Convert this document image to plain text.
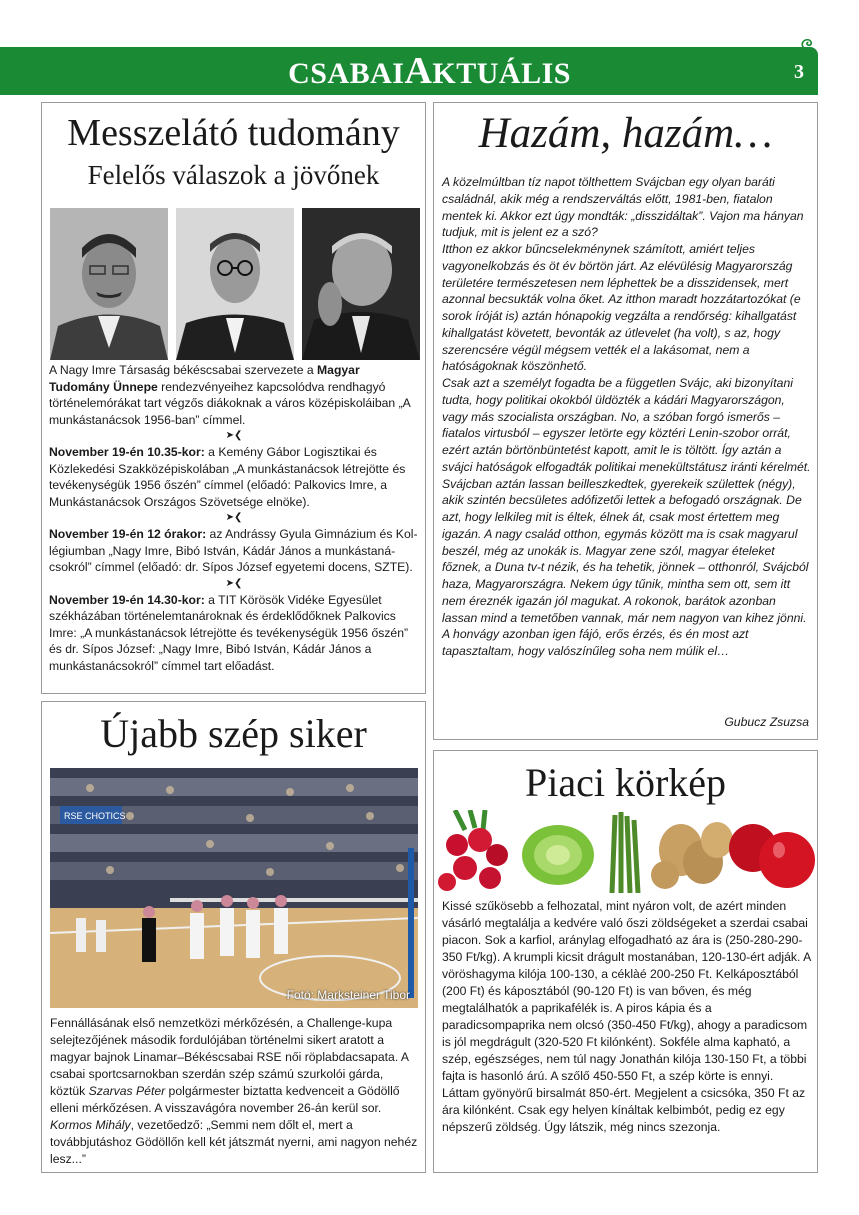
CSABAIAKTUÁLIS	3
Messzelátó tudomány
Felelős válaszok a jövőnek

A Nagy Imre Társaság békéscsabai szervezete a Magyar Tudomány Ünnepe rendezvényeihez kapcsolódva rendhagyó történelemórákat tart végzős diákoknak a város középiskoláiban „A munkástanácsok 1956-ban” címmel.

➤❮

November 19-én 10.35-kor: a Kemény Gábor Logisztikai és Közlekedési Szakközépiskolában „A munkástanácsok létrejötte és tevékenységük 1956 őszén” címmel (előadó: Palkovics Imre, a Munkástanácsok Országos Szövetsége elnöke).

➤❮

November 19-én 12 órakor: az Andrássy Gyula Gimnázium és Kollégiumban „Nagy Imre, Bibó István, Kádár János a munkástanácsokról” címmel (előadó: dr. Sípos József egyetemi docens, SZTE).

➤❮

November 19-én 14.30-kor: a TIT Körösök Vidéke Egyesület székházában történelemtanároknak és érdeklődőknek Palkovics Imre: „A munkástanácsok létrejötte és tevékenységük 1956 őszén” és dr. Sípos József: „Nagy Imre, Bibó István, Kádár János a munkástanácsokról” címmel tart előadást.

Hazám, hazám…

A közelmúltban tíz napot tölthettem Svájcban egy olyan baráti családnál, akik még a rendszerváltás előtt, 1981-ben, fiatalon mentek ki. Akkor ezt úgy mondták: „disszidáltak”. Vajon ma hányan tudjuk, mit is jelent ez a szó?

Itthon ez akkor bűncselekménynek számított, amiért teljes vagyonelkobzás és öt év börtön járt. Az elévülésig Magyarország területére természetesen nem léphettek be a disszidensek, mert azonnal becsukták volna őket. Az itthon maradt hozzátartozókat (e sorok íróját is) aztán hónapokig vegzálta a rendőrség: kihallgatást kihallgatást követett, bevonták az útlevelet (ha volt), s az, hogy szerencsére végül mégsem vették el a lakásomat, nem a hatóságoknak köszönhető.

Csak azt a személyt fogadta be a független Svájc, aki bizonyítani tudta, hogy politikai okokból üldözték a kádári Magyarországon, vagy más szocialista országban. No, a szóban forgó ismerős – fiatalos virtusból – egyszer letörte egy köztéri Lenin-szobor orrát, ezért aztán börtönbüntetést kapott, amit le is töltött. Így aztán a svájci hatóságok elfogadták politikai menekültstátusz iránti kérelmét.

Svájcban aztán lassan beilleszkedtek, gyerekeik születtek (négy), akik szintén becsületes adófizetői lettek a befogadó országnak. De azt, hogy lelkileg mit is éltek, élnek át, csak most értettem meg igazán. A nagy család otthon, egymás között ma is csak magyarul beszél, még az unokák is. Magyar zene szól, magyar ételeket főznek, a Duna tv-t nézik, és ha tehetik, jönnek – otthonról, Svájcból haza, Magyarországra. Nekem úgy tűnik, mintha sem ott, sem itt nem éreznék igazán jól magukat. A rokonok, barátok azonban lassan mind a temetőben vannak, már nem nagyon van kihez jönni. A honvágy azonban igen fájó, erős érzés, és én most azt tapasztaltam, hogy valószínűleg soha nem múlik el…

Gubucz Zsuzsa
Újabb szép siker
RSE CHOTICS
Fotó: Marksteiner Tibor

Fennállásának első nemzetközi mérkőzésén, a Challenge-kupa selejtezőjének második fordulójában történelmi sikert aratott a magyar bajnok Linamar–Békéscsabai RSE női röplabdacsapata. A csabai sportcsarnokban szerdán szép számú szurkolói gárda, köztük Szarvas Péter polgármester biztatta kedvenceit a Gödöllő elleni mérkőzésen. A visszavágóra november 26-án kerül sor. Kormos Mihály, vezetőedző: „Semmi nem dőlt el, mert a továbbjutáshoz Gödöllőn kell két játszmát nyerni, ami nagyon nehéz lesz...”

Piaci körkép

Kissé szűkösebb a felhozatal, mint nyáron volt, de azért minden vásárló megtalálja a kedvére való őszi zöldségeket a szerdai csabai piacon. Sok a karfiol, aránylag elfogadható az ára is (250-280-290-350 Ft/kg). A krumpli kicsit drágult mostanában, 120-130-ért adják. A vöröshagyma kilója 100-130, a céklàé 200-250 Ft. Kelkáposztából (200 Ft) és káposztából (90-120 Ft) is van bőven, és még megtalálhatók a paprikafélék is. A piros kápia és a paradicsompaprika nem olcsó (350-450 Ft/kg), ahogy a paradicsom is jól megdrágult (320-520 Ft kilónként). Sokféle alma kapható, a szép, egészséges, nem túl nagy Jonathán kilója 130-150 Ft, a többi fajta is hasonló árú. A szőlő 450-550 Ft, a szép körte is ennyi. Láttam gyönyörű birsalmát 850-ért. Megjelent a csicsóka, 350 Ft az ára kilónként. Csak egy helyen kínáltak kelbimbót, pedig ez egy népszerű zöldség. Úgy látszik, még nincs szezonja.
